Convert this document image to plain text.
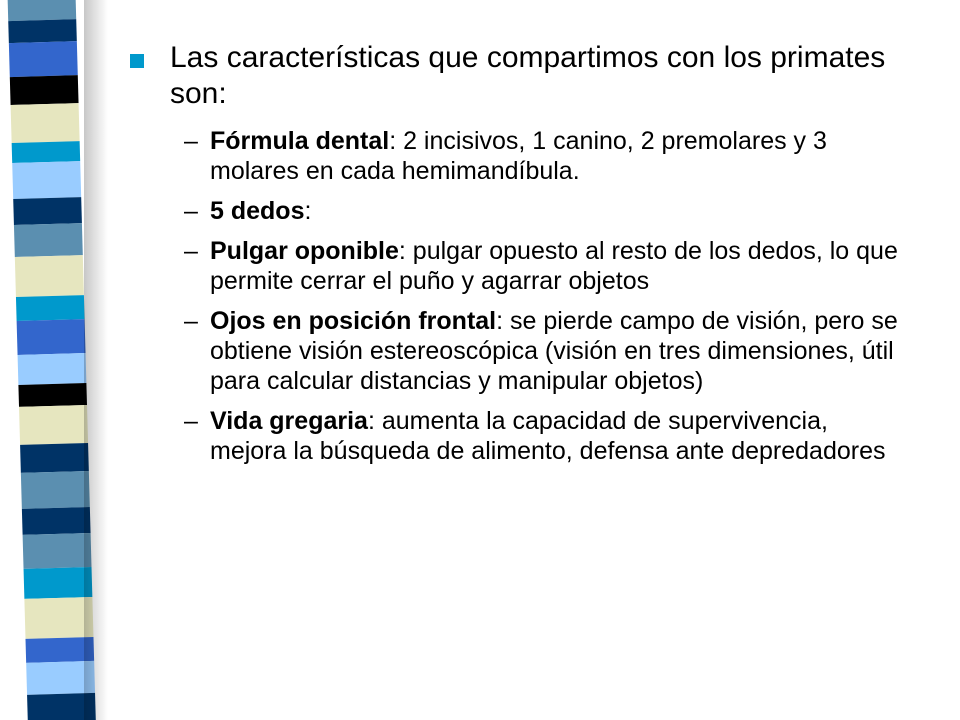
Las características que compartimos con los primates son:
– Fórmula dental: 2 incisivos, 1 canino, 2 premolares y 3 molares en cada hemimandíbula.
– 5 dedos:
– Pulgar oponible: pulgar opuesto al resto de los dedos, lo que permite cerrar el puño y agarrar objetos
– Ojos en posición frontal: se pierde campo de visión, pero se obtiene visión estereoscópica (visión en tres dimensiones, útil para calcular distancias y manipular objetos)
– Vida gregaria: aumenta la capacidad de supervivencia, mejora la búsqueda de alimento, defensa ante depredadores
